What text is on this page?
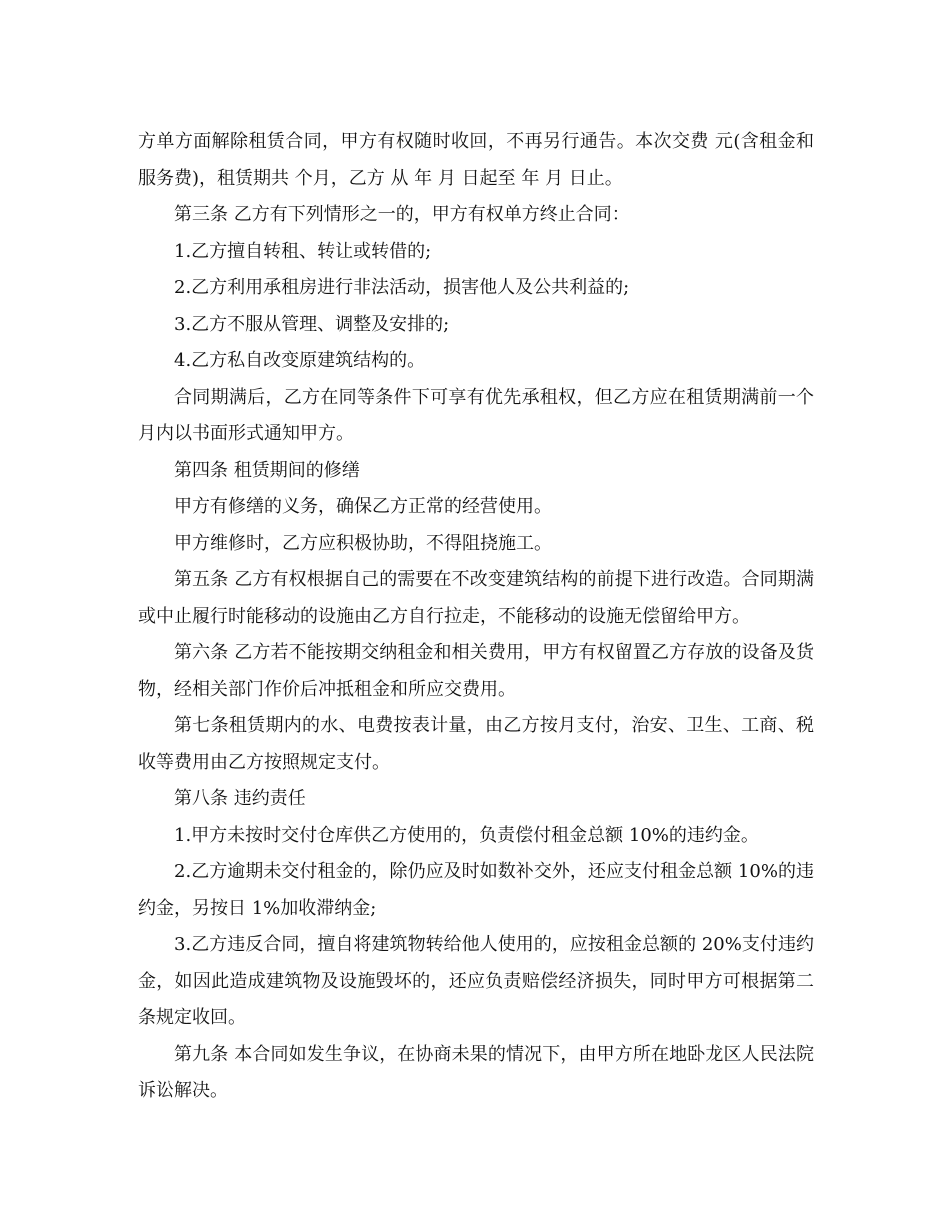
方单方面解除租赁合同，甲方有权随时收回，不再另行通告。本次交费 元(含租金和服务费)，租赁期共 个月，乙方 从 年 月 日起至 年 月 日止。

第三条 乙方有下列情形之一的，甲方有权单方终止合同：

1.乙方擅自转租、转让或转借的;

2.乙方利用承租房进行非法活动，损害他人及公共利益的;

3.乙方不服从管理、调整及安排的;

4.乙方私自改变原建筑结构的。

合同期满后，乙方在同等条件下可享有优先承租权，但乙方应在租赁期满前一个月内以书面形式通知甲方。

第四条 租赁期间的修缮

甲方有修缮的义务，确保乙方正常的经营使用。

甲方维修时，乙方应积极协助，不得阻挠施工。

第五条 乙方有权根据自己的需要在不改变建筑结构的前提下进行改造。合同期满或中止履行时能移动的设施由乙方自行拉走，不能移动的设施无偿留给甲方。

第六条 乙方若不能按期交纳租金和相关费用，甲方有权留置乙方存放的设备及货物，经相关部门作价后冲抵租金和所应交费用。

第七条租赁期内的水、电费按表计量，由乙方按月支付，治安、卫生、工商、税收等费用由乙方按照规定支付。

第八条 违约责任

1.甲方未按时交付仓库供乙方使用的，负责偿付租金总额 10%的违约金。

2.乙方逾期未交付租金的，除仍应及时如数补交外，还应支付租金总额 10%的违约金，另按日 1%加收滞纳金;

3.乙方违反合同，擅自将建筑物转给他人使用的，应按租金总额的 20%支付违约金，如因此造成建筑物及设施毁坏的，还应负责赔偿经济损失，同时甲方可根据第二条规定收回。

第九条 本合同如发生争议，在协商未果的情况下，由甲方所在地卧龙区人民法院诉讼解决。
